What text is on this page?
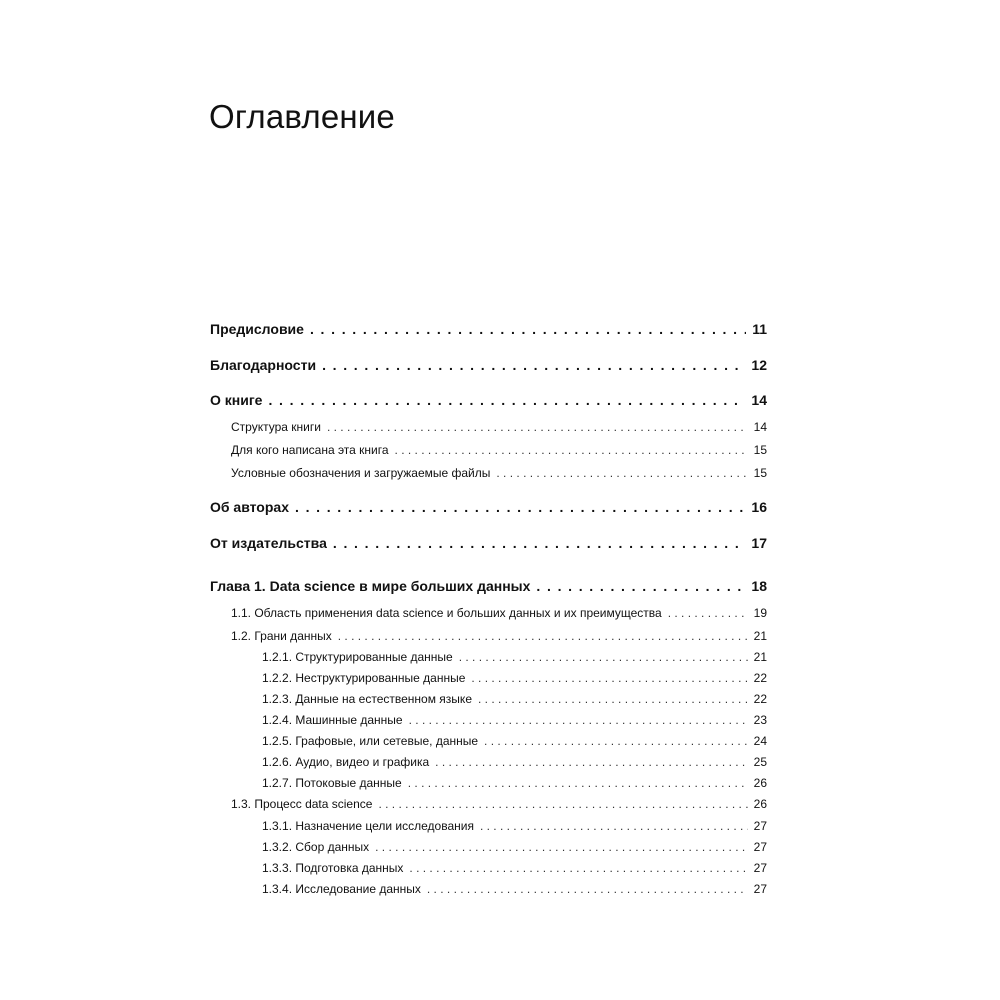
Оглавление
Предисловие . . .	11
Благодарности . . .	12
О книге . . .	14
Структура книги . . .	14
Для кого написана эта книга . . .	15
Условные обозначения и загружаемые файлы . . .	15
Об авторах . . .	16
От издательства . . .	17
Глава 1. Data science в мире больших данных . . .	18
1.1. Область применения data science и больших данных и их преимущества . . .	19
1.2. Грани данных . . .	21
1.2.1. Структурированные данные . . .	21
1.2.2. Неструктурированные данные . . .	22
1.2.3. Данные на естественном языке . . .	22
1.2.4. Машинные данные . . .	23
1.2.5. Графовые, или сетевые, данные . . .	24
1.2.6. Аудио, видео и графика . . .	25
1.2.7. Потоковые данные . . .	26
1.3. Процесс data science . . .	26
1.3.1. Назначение цели исследования . . .	27
1.3.2. Сбор данных . . .	27
1.3.3. Подготовка данных . . .	27
1.3.4. Исследование данных . . .	27
